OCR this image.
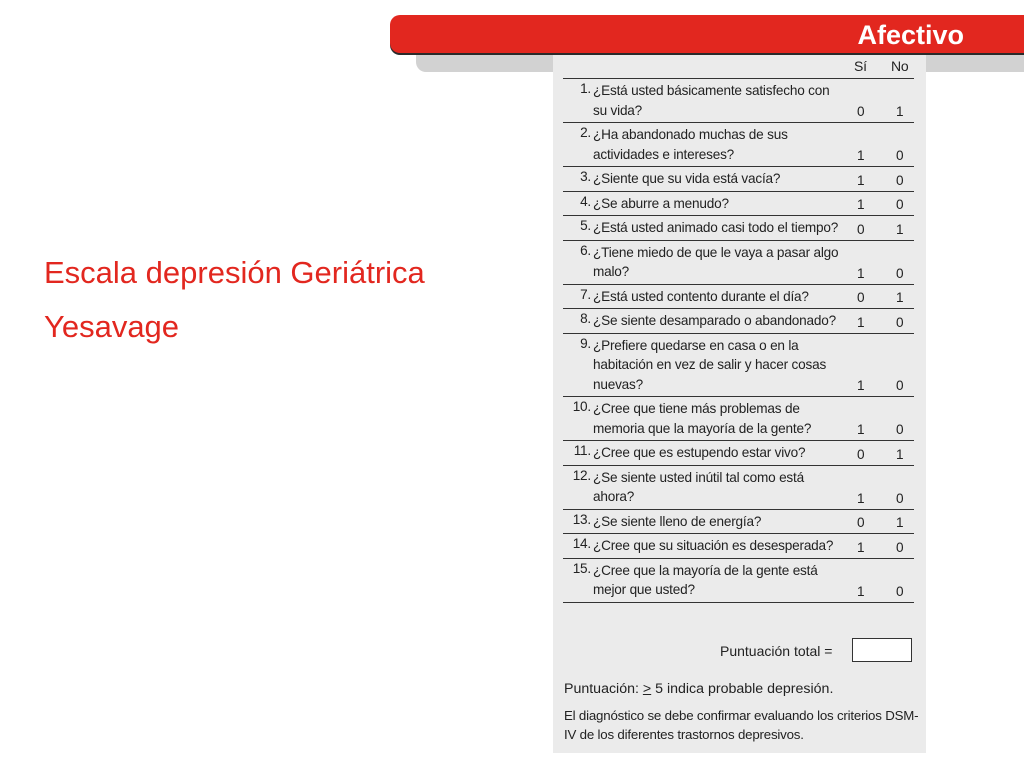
Afectivo
Escala depresión Geriátrica
Yesavage
Sí No
1. ¿Está usted básicamente satisfecho con su vida?	0 1
2. ¿Ha abandonado muchas de sus actividades e intereses?	1 0
3. ¿Siente que su vida está vacía?	1 0
4. ¿Se aburre a menudo?	1 0
5. ¿Está usted animado casi todo el tiempo?	0 1
6. ¿Tiene miedo de que le vaya a pasar algo malo?	1 0
7. ¿Está usted contento durante el día?	0 1
8. ¿Se siente desamparado o abandonado?	1 0
9. ¿Prefiere quedarse en casa o en la habitación en vez de salir y hacer cosas nuevas?	1 0
10. ¿Cree que tiene más problemas de memoria que la mayoría de la gente?	1 0
11. ¿Cree que es estupendo estar vivo?	0 1
12. ¿Se siente usted inútil tal como está ahora?	1 0
13. ¿Se siente lleno de energía?	0 1
14. ¿Cree que su situación es desesperada?	1 0
15. ¿Cree que la mayoría de la gente está mejor que usted?	1 0
Puntuación total =
Puntuación: > 5 indica probable depresión.
El diagnóstico se debe confirmar evaluando los criterios DSM-IV de los diferentes trastornos depresivos.
